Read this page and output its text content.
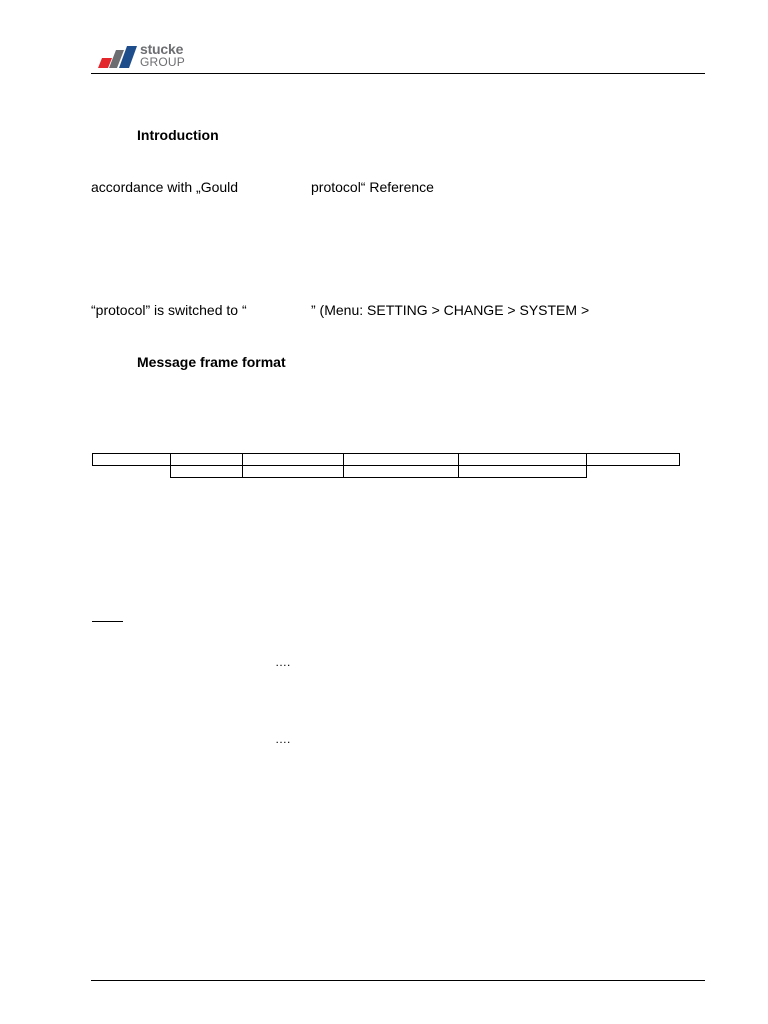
stucke
GROUP
Introduction
accordance with „Gould	protocol“ Reference
“protocol” is switched to “	” (Menu: SETTING > CHANGE > SYSTEM >
Message frame format
….
….
